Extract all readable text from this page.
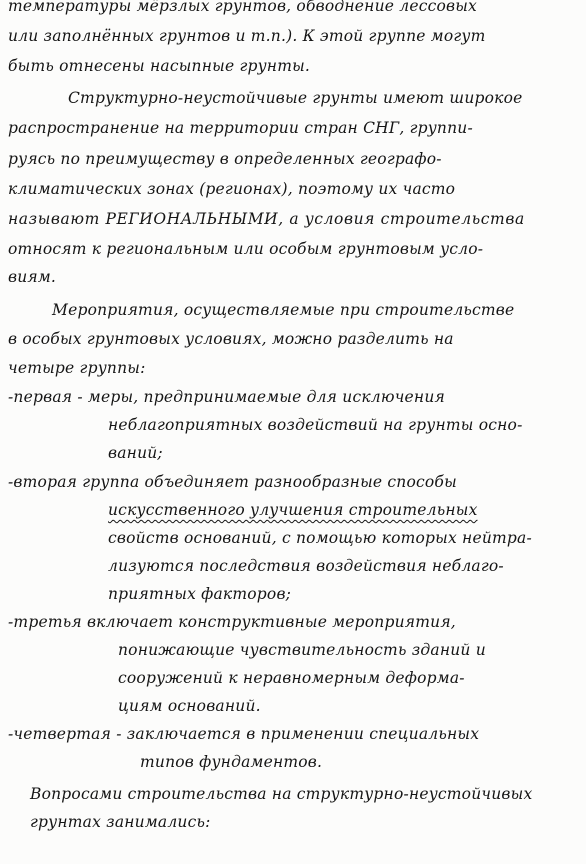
температуры мёрзлых грунтов, обводнение лессовых
или заполнённых грунтов и т.п.). К этой группе могут
быть отнесены насыпные грунты.
Структурно-неустойчивые грунты имеют широкое
распространение на территории стран СНГ, группи-
руясь по преимуществу в определенных географо-
климатических зонах (регионах), поэтому их часто
называют РЕГИОНАЛЬНЫМИ, а условия строительства
относят к региональным или особым грунтовым усло-
виям.
Мероприятия, осуществляемые при строительстве
в особых грунтовых условиях, можно разделить на
четыре группы:
-первая - меры, предпринимаемые для исключения
неблагоприятных воздействий на грунты осно-
ваний;
-вторая группа объединяет разнообразные способы
искусственного улучшения строительных
свойств оснований, с помощью которых нейтра-
лизуются последствия воздействия неблаго-
приятных факторов;
-третья включает конструктивные мероприятия,
понижающие чувствительность зданий и
сооружений к неравномерным деформа-
циям оснований.
-четвертая - заключается в применении специальных
типов фундаментов.
Вопросами строительства на структурно-неустойчивых
грунтах занимались:
